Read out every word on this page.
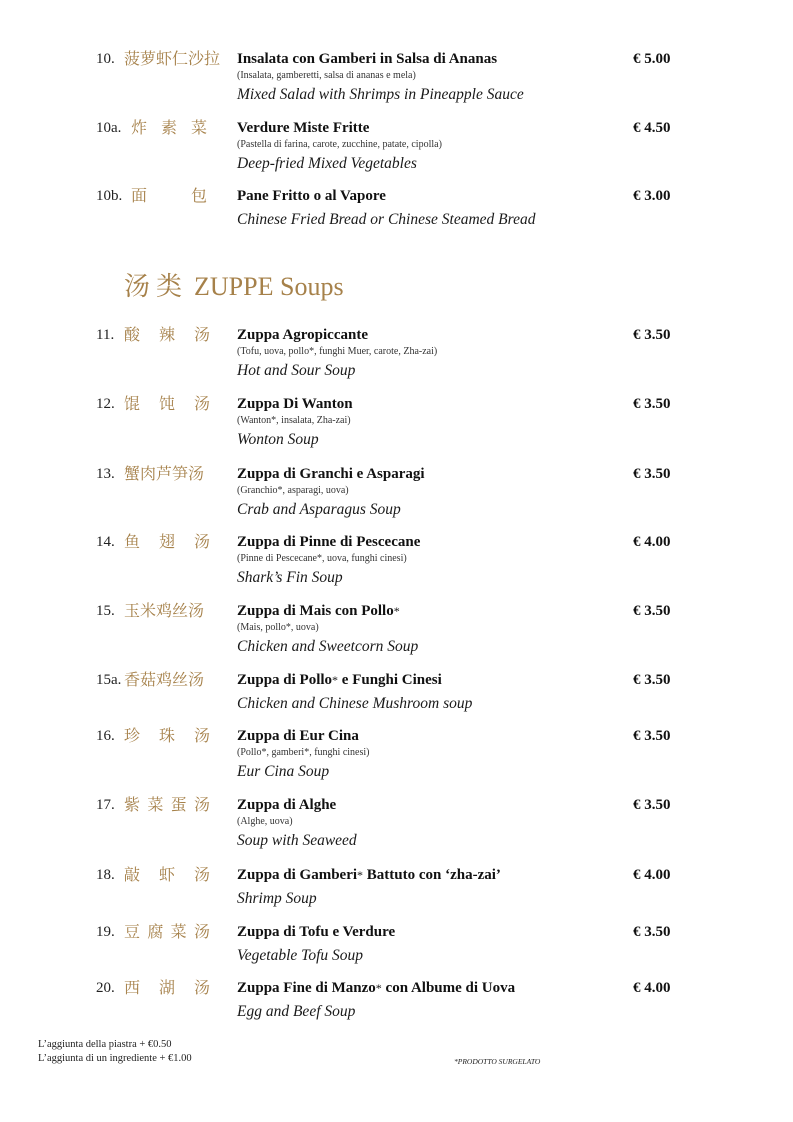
10. 菠萝虾仁沙拉 Insalata con Gamberi in Salsa di Ananas
(Insalata, gamberetti, salsa di ananas e mela)
Mixed Salad with Shrimps in Pineapple Sauce
€ 5.00
10a. 炸 素 菜 Verdure Miste Fritte
(Pastella di farina, carote, zucchine, patate, cipolla)
Deep-fried Mixed Vegetables
€ 4.50
10b. 面	包 Pane Fritto o al Vapore
Chinese Fried Bread or Chinese Steamed Bread
€ 3.00
11. 酸 辣 汤 Zuppa Agropiccante
(Tofu, uova, pollo*, funghi Muer, carote, Zha-zai)
Hot and Sour Soup
€ 3.50
12. 馄 饨 汤 Zuppa Di Wanton
(Wanton*, insalata, Zha-zai)
Wonton Soup
€ 3.50
13. 蟹肉芦笋汤 Zuppa di Granchi e Asparagi
(Granchio*, asparagi, uova)
Crab and Asparagus Soup
€ 3.50
14. 鱼 翅 汤 Zuppa di Pinne di Pescecane
(Pinne di Pescecane*, uova, funghi cinesi)
Shark’s Fin Soup
€ 4.00
15. 玉米鸡丝汤 Zuppa di Mais con Pollo*
(Mais, pollo*, uova)
Chicken and Sweetcorn Soup
€ 3.50
15a. 香菇鸡丝汤 Zuppa di Pollo* e Funghi Cinesi
Chicken and Chinese Mushroom soup
€ 3.50
16. 珍 珠 汤 Zuppa di Eur Cina
(Pollo*, gamberi*, funghi cinesi)
Eur Cina Soup
€ 3.50
17. 紫 菜 蛋 汤 Zuppa di Alghe
(Alghe, uova)
Soup with Seaweed
€ 3.50
18. 敲 虾 汤 Zuppa di Gamberi* Battuto con ‘zha-zai’
Shrimp Soup
€ 4.00
19. 豆 腐 菜 汤 Zuppa di Tofu e Verdure
Vegetable Tofu Soup
€ 3.50
20. 西 湖 汤 Zuppa Fine di Manzo* con Albume di Uova
Egg and Beef Soup
€ 4.00
汤类 ZUPPE Soups
L’aggiunta della piastra + €0.50
L’aggiunta di un ingrediente + €1.00	*PRODOTTO SURGELATO
